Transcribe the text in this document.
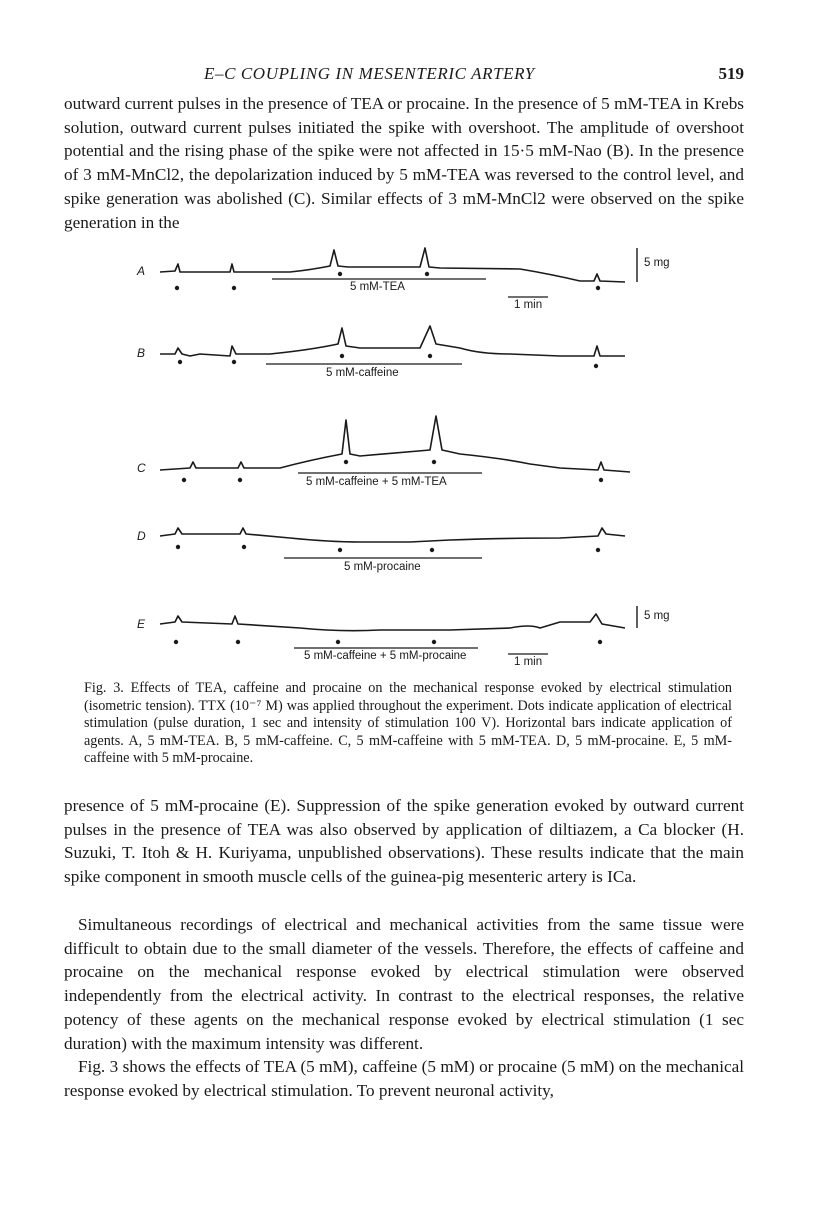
E–C COUPLING IN MESENTERIC ARTERY	519

outward current pulses in the presence of TEA or procaine. In the presence of 5 mM-TEA in Krebs solution, outward current pulses initiated the spike with overshoot. The amplitude of overshoot potential and the rising phase of the spike were not affected in 15·5 mM-Nao (B). In the presence of 3 mM-MnCl2, the depolarization induced by 5 mM-TEA was reversed to the control level, and spike generation was abolished (C). Similar effects of 3 mM-MnCl2 were observed on the spike generation in the

A
B
C
D
E
5 mM-TEA
5 mM-caffeine
5 mM-caffeine + 5 mM-TEA
5 mM-procaine
5 mM-caffeine + 5 mM-procaine
5 mg
5 mg
1 min
1 min

Fig. 3. Effects of TEA, caffeine and procaine on the mechanical response evoked by electrical stimulation (isometric tension). TTX (10⁻⁷ M) was applied throughout the experiment. Dots indicate application of electrical stimulation (pulse duration, 1 sec and intensity of stimulation 100 V). Horizontal bars indicate application of agents. A, 5 mM-TEA. B, 5 mM-caffeine. C, 5 mM-caffeine with 5 mM-TEA. D, 5 mM-procaine. E, 5 mM-caffeine with 5 mM-procaine.

presence of 5 mM-procaine (E). Suppression of the spike generation evoked by outward current pulses in the presence of TEA was also observed by application of diltiazem, a Ca blocker (H. Suzuki, T. Itoh & H. Kuriyama, unpublished observations). These results indicate that the main spike component in smooth muscle cells of the guinea-pig mesenteric artery is ICa.

Simultaneous recordings of electrical and mechanical activities from the same tissue were difficult to obtain due to the small diameter of the vessels. Therefore, the effects of caffeine and procaine on the mechanical response evoked by electrical stimulation were observed independently from the electrical activity. In contrast to the electrical responses, the relative potency of these agents on the mechanical response evoked by electrical stimulation (1 sec duration) with the maximum intensity was different.

Fig. 3 shows the effects of TEA (5 mM), caffeine (5 mM) or procaine (5 mM) on the mechanical response evoked by electrical stimulation. To prevent neuronal activity,
